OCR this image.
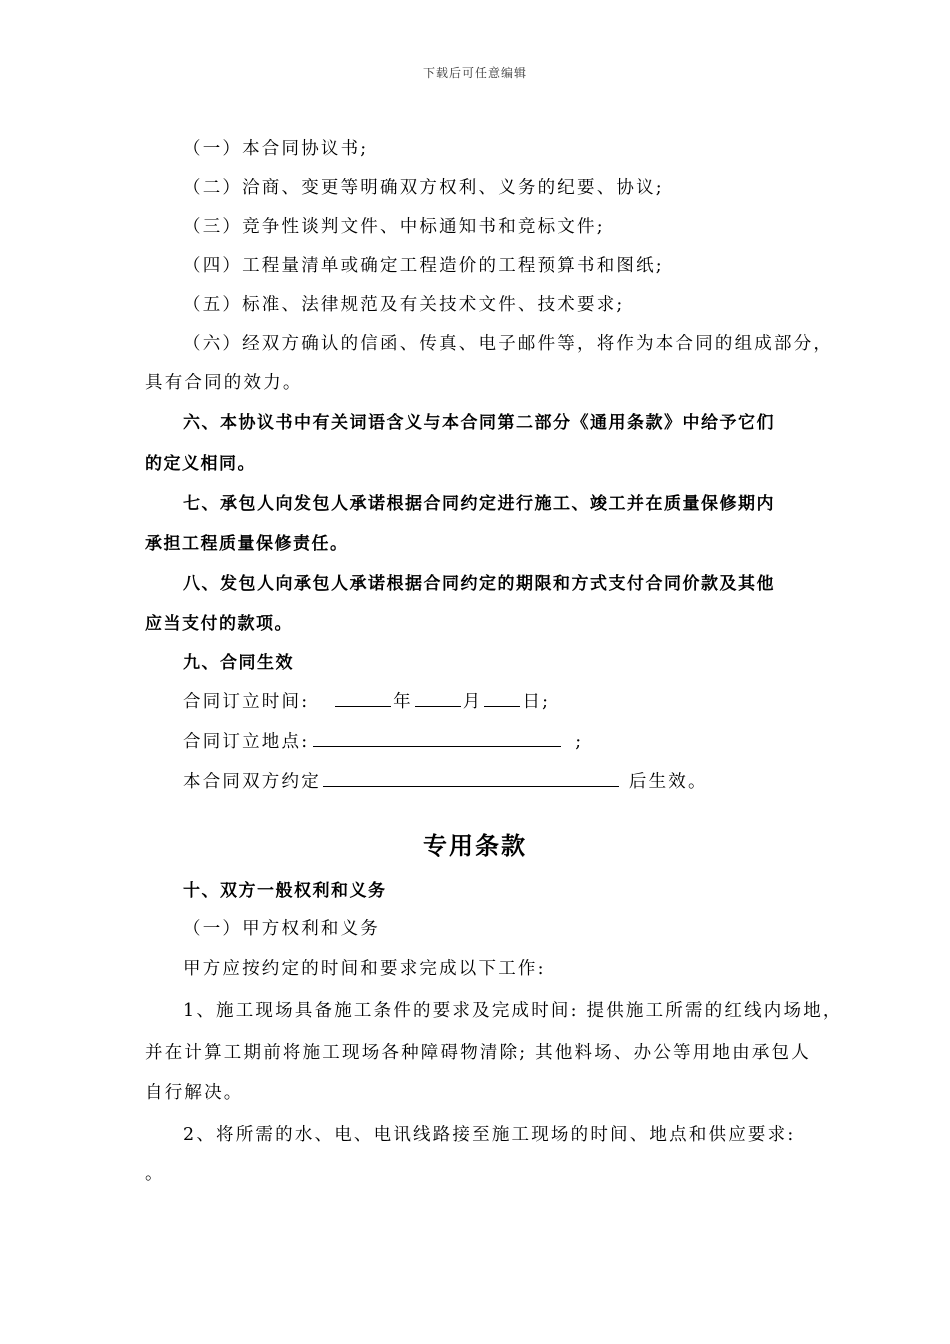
下载后可任意编辑
（一）本合同协议书;
（二）洽商、变更等明确双方权利、义务的纪要、协议;
（三）竞争性谈判文件、中标通知书和竞标文件;
（四）工程量清单或确定工程造价的工程预算书和图纸;
（五）标准、法律规范及有关技术文件、技术要求;
（六）经双方确认的信函、传真、电子邮件等，将作为本合同的组成部分，
具有合同的效力。
六、本协议书中有关词语含义与本合同第二部分《通用条款》中给予它们
的定义相同。
七、承包人向发包人承诺根据合同约定进行施工、竣工并在质量保修期内
承担工程质量保修责任。
八、发包人向承包人承诺根据合同约定的期限和方式支付合同价款及其他
应当支付的款项。
九、合同生效
合同订立时间:	年	月 日;
合同订立地点:	;
本合同双方约定	后生效。
专用条款
十、双方一般权利和义务
（一）甲方权利和义务
甲方应按约定的时间和要求完成以下工作:
1、施工现场具备施工条件的要求及完成时间: 提供施工所需的红线内场地，
并在计算工期前将施工现场各种障碍物清除; 其他料场、办公等用地由承包人
自行解决。
2、将所需的水、电、电讯线路接至施工现场的时间、地点和供应要求:
。
